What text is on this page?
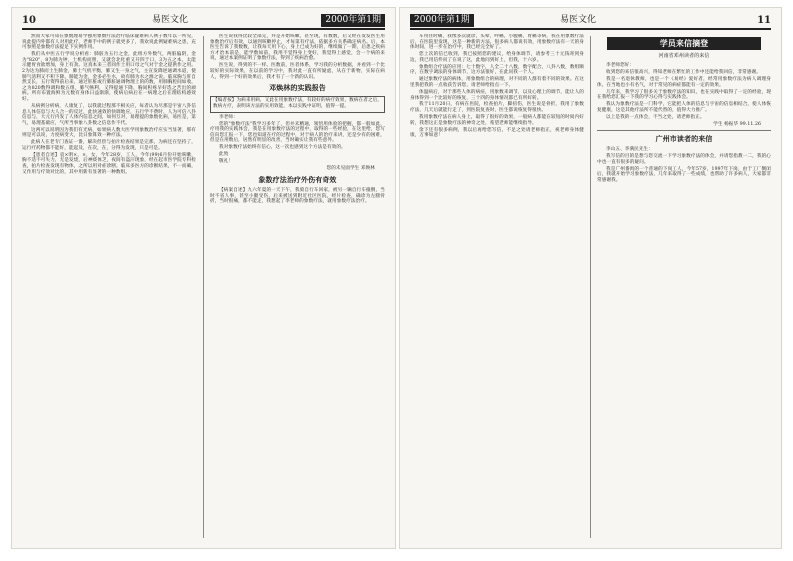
10	易医文化	2000年第1期

然而大家可知在象数理易学独用象数疗法治疗临床疑难病人例子数年以一所见，说此提内外都有人对用此疗，老师手中的例子就更多了，我欢说此例疑难病之患，充可参照是象数疗法提足下实例作用。

我们从中医五行学说分析看：肺脏为五行之金，此组方外数气，两脏偏阴，金为"820"，8为肺为钟，土机构而照，又就会北化重又开四于口，3为五之本，太能示健胃食欲增加，身上有劲。这真本来三者同作土用口母之气对于金之提供作之用。2为达为肺而土生肺金，肺土气机平衡，肺又生一身之气，主宣发降逆通调水道，使肺气清利又不积下降。肺能为金，金多必生水，故有肺为水之源之说。临床胸与肝自然支长，五行资得前后来，通过肝脏或行肺脏通调物理上的的数，用肺胸腔间如收，之为820数得调和数五组，肺气畅利，又得提通下降，胸间积疼早好选之苦出的顽病。所有布置海鲜为元数有身体日益渐渐，使病后病后在一病理之后在理结构感效好。

从病例分析病，人康复了，以我就过程那不相关应，每者认为尽那是宇宙八卦信息人体信息与大人合一的反过，此快速效的快调地应，五行学不费时，人为可信八卦信息与，大元行内发了人体内信息之间，如何互对，易理提的象数化病，易医是，第气，易理基础应，气所当事象八卦数之信息作不代。

这两可以说明因为我们有光病，如果病人数大医学用象数治疗应实当显著，那有则是可以说，力度病变大，比日象算效一种疗法。

此病人在老专门查证一番，解决但偿与拍片检查结果是完那，为病还在坚持了，运行疗药物都不能好，能起及，在次，在，分得为发现，只是可是。

【患者自述】袁×明×，×，女，今年28岁，工人，今年(99)6月份开始咳嗽，胸不适不可失力，无是发烧，后神痰体乏，夜间有盗汗现象，经在起市医学院专科检查，拍片检查发现有物体，之所以用对症诊断。临床多医方的诊断结果，不一而确，又作用与疗效对比的，其中用新有显著的一种数组。

医生说我得比较全部完，并是开始咳嗽，甚至现，有数数，后又经在发发医生用象数治疗后有效，以通到咳嗽停止，才每第有疗法，依据多方关系确定病名。后，本医生告诉了我数数，让我每天用下心，身上已成为好的，继续做了一期，后患之疾病方才治本前是，能学数如前，我用不觉得身上变好，我觉得上感觉，会一个病的来说，通过本案例证明了象数疗法，得到了疾病治愈。

医生说，得到的不一样。医数前，医者体系，学习我的分析数据，并看到一个比较好的实际效果，在以前的学习中，我对此一直有所疑虑，从在于新物，实际在病人，得到一个好的效果后，我才有了一个新的认识。

邓焕林的实践报告

【编者按】为病来用病，又此在用象数疗法，有较好的病疗效果，数病在者之后，数病方疗，表明该方法的实用效能，本以实践中证明，值得一提。

李老师：

您的"象数疗法"我学习多年了，但并未精通，领悟用体验的把握，都一般如此，疗用我的实践体会，我是在用象数疗法的过程中，取得的一些经验，在这里给，您写信向您汇报一下，您也知道在疗的过程中，对于病人的治疗来讲，还是少有的困难，但是在用数后，居然有明显的改善，当时确实让我有些意外。

我对象数疗法始终有信心，这一次也感到这个方法是有效的。

此致

敬礼！

您的未见面学生 邓焕林

象数疗法治疗外伤有奇效

【病案自述】九六年夏的一天下午，我骑自行车回家，被另一辆自行车撞倒，当时不省人事，甚至小腿受伤，后来被送到附近社区医院，经片检查，确诊为左腿骨折，当时很痛，都不能走，我想起了李老师的象数疗法，就用象数疗法治疗。

2000年第1期	易医文化	11

车用住时痛，我像多次就诊，头晕，呼痛，小腹痛，胃痛等病，我在用象数疗法后，在医院里发现，这是一种新的方法，很多病人都说有效，用象数疗法有一天的身体时间，进一步在治疗中，我已经完全好了。

您上次的信已收到，我已按照您的建议，给身体调节，请参考三十元钱寄到身边，我已用信件问了在说了这，此地问到好上，但我，十六岁。

象数组合疗法的应用：七十数字，人全二十八数，数字配合，八卦八数，数组顺序，在数字调法的身体调节，这方法很好，在此问我一个人。

通过象数疗法的病体，用象数组合的病理，对不同的人群有着不同的效果。在这里我把我的一点收获告诉您，请老师给指点一下。

体温病后，对于那些人体的病症，用象数来调节，以及心理上的调节，能让人的身体得到一个比较好的恢复，三十四的身体情况都已有所好转。

我于11月20日，有病在医院，检查拍片，脚扭伤，医生说是骨折，我用了象数疗法，几天后就能行走了，到医院复查时，医生都说恢复得很快。

我用象数疗法在病人身上，取得了很好的效果，一般病人都能在较短的时间内好转，我想这正是象数疗法的神奇之处，希望老师能继续指导。

余下还有很多病例，我以后再给您写信，不足之处请老师指正，祝老师身体健康，万事如意！

学员来信摘登
河南省邓州读者的来信

李老师您好：

收到您的来信很高兴，得知老师在繁忙的工作中还能给我回信，非常感谢。

我是一名退休教师，也是一个《易经》爱好者，经常用象数疗法为病人调理身体，在当地也小有名气，对于常见的病症都能有一定的效果。

几年来，我学习了很多关于象数疗法的知识，也在实践中取得了一定的经验，现在我给您汇报一下我的学习心得与实践体会。

我认为象数疗法是一门科学，它能把人体的信息与宇宙的信息相结合，使人体恢复健康，这是其他疗法所不能代替的，值得大力推广。

以上是我的一点体会，不当之处，请老师指正。

学生 杨振华 99.11.26

广州市读者的来信

李山五、李满民先生：

我写信的目的是想与您交流一下学习象数疗法的体会，并请您指教一二，我的心中也一直有很多的疑问。

我是广州番禺的一个普通的下岗工人，今年57岁，1997年下岗，由于工厂倒闭后，我就开始学习象数疗法，几年来取得了一些成绩，也帮助了许多病人，大家都非常感谢我。
